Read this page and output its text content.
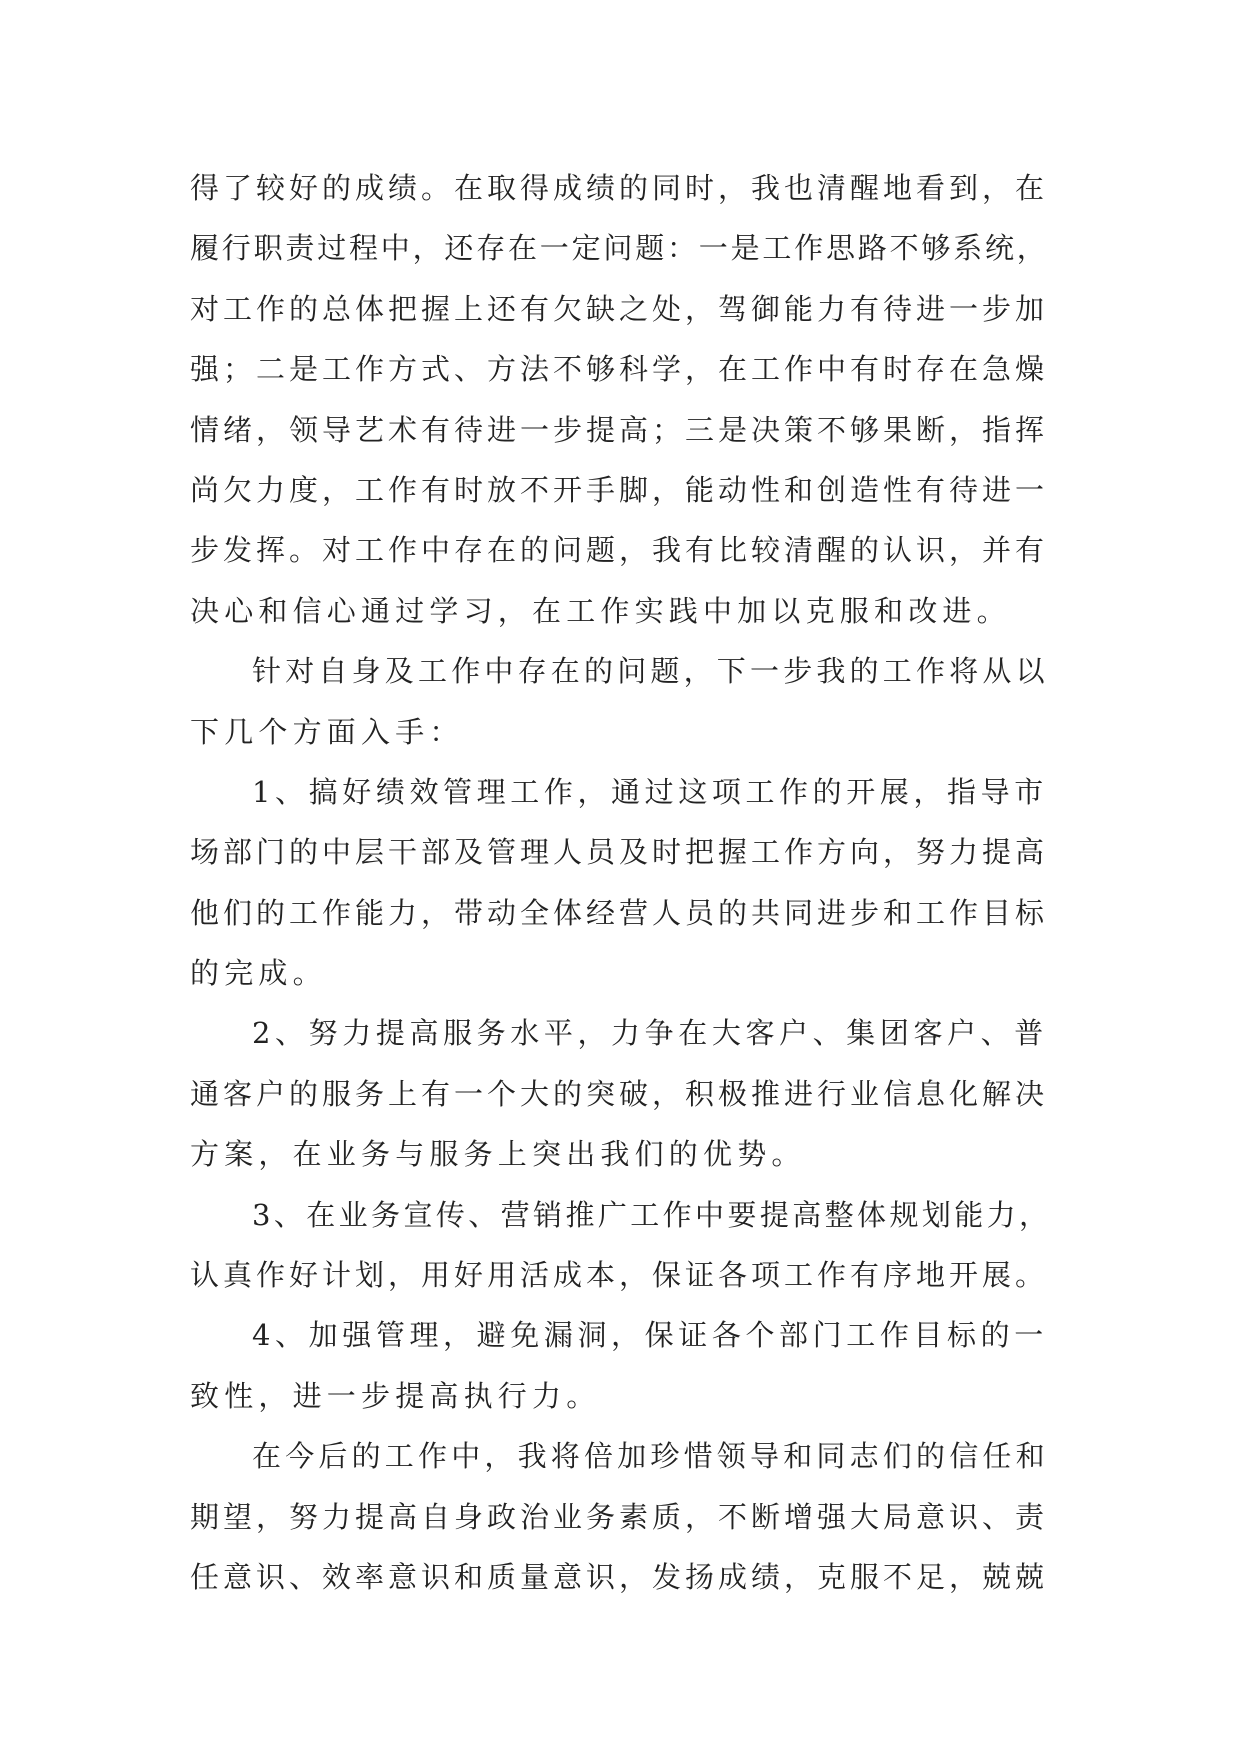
得了较好的成绩。在取得成绩的同时，我也清醒地看到，在
履行职责过程中，还存在一定问题：一是工作思路不够系统，
对工作的总体把握上还有欠缺之处，驾御能力有待进一步加
强；二是工作方式、方法不够科学，在工作中有时存在急燥
情绪，领导艺术有待进一步提高；三是决策不够果断，指挥
尚欠力度，工作有时放不开手脚，能动性和创造性有待进一
步发挥。对工作中存在的问题，我有比较清醒的认识，并有
决心和信心通过学习，在工作实践中加以克服和改进。
针对自身及工作中存在的问题，下一步我的工作将从以
下几个方面入手：
1、搞好绩效管理工作，通过这项工作的开展，指导市
场部门的中层干部及管理人员及时把握工作方向，努力提高
他们的工作能力，带动全体经营人员的共同进步和工作目标
的完成。
2、努力提高服务水平，力争在大客户、集团客户、普
通客户的服务上有一个大的突破，积极推进行业信息化解决
方案，在业务与服务上突出我们的优势。
3、在业务宣传、营销推广工作中要提高整体规划能力，
认真作好计划，用好用活成本，保证各项工作有序地开展。
4、加强管理，避免漏洞，保证各个部门工作目标的一
致性，进一步提高执行力。
在今后的工作中，我将倍加珍惜领导和同志们的信任和
期望，努力提高自身政治业务素质，不断增强大局意识、责
任意识、效率意识和质量意识，发扬成绩，克服不足，兢兢
